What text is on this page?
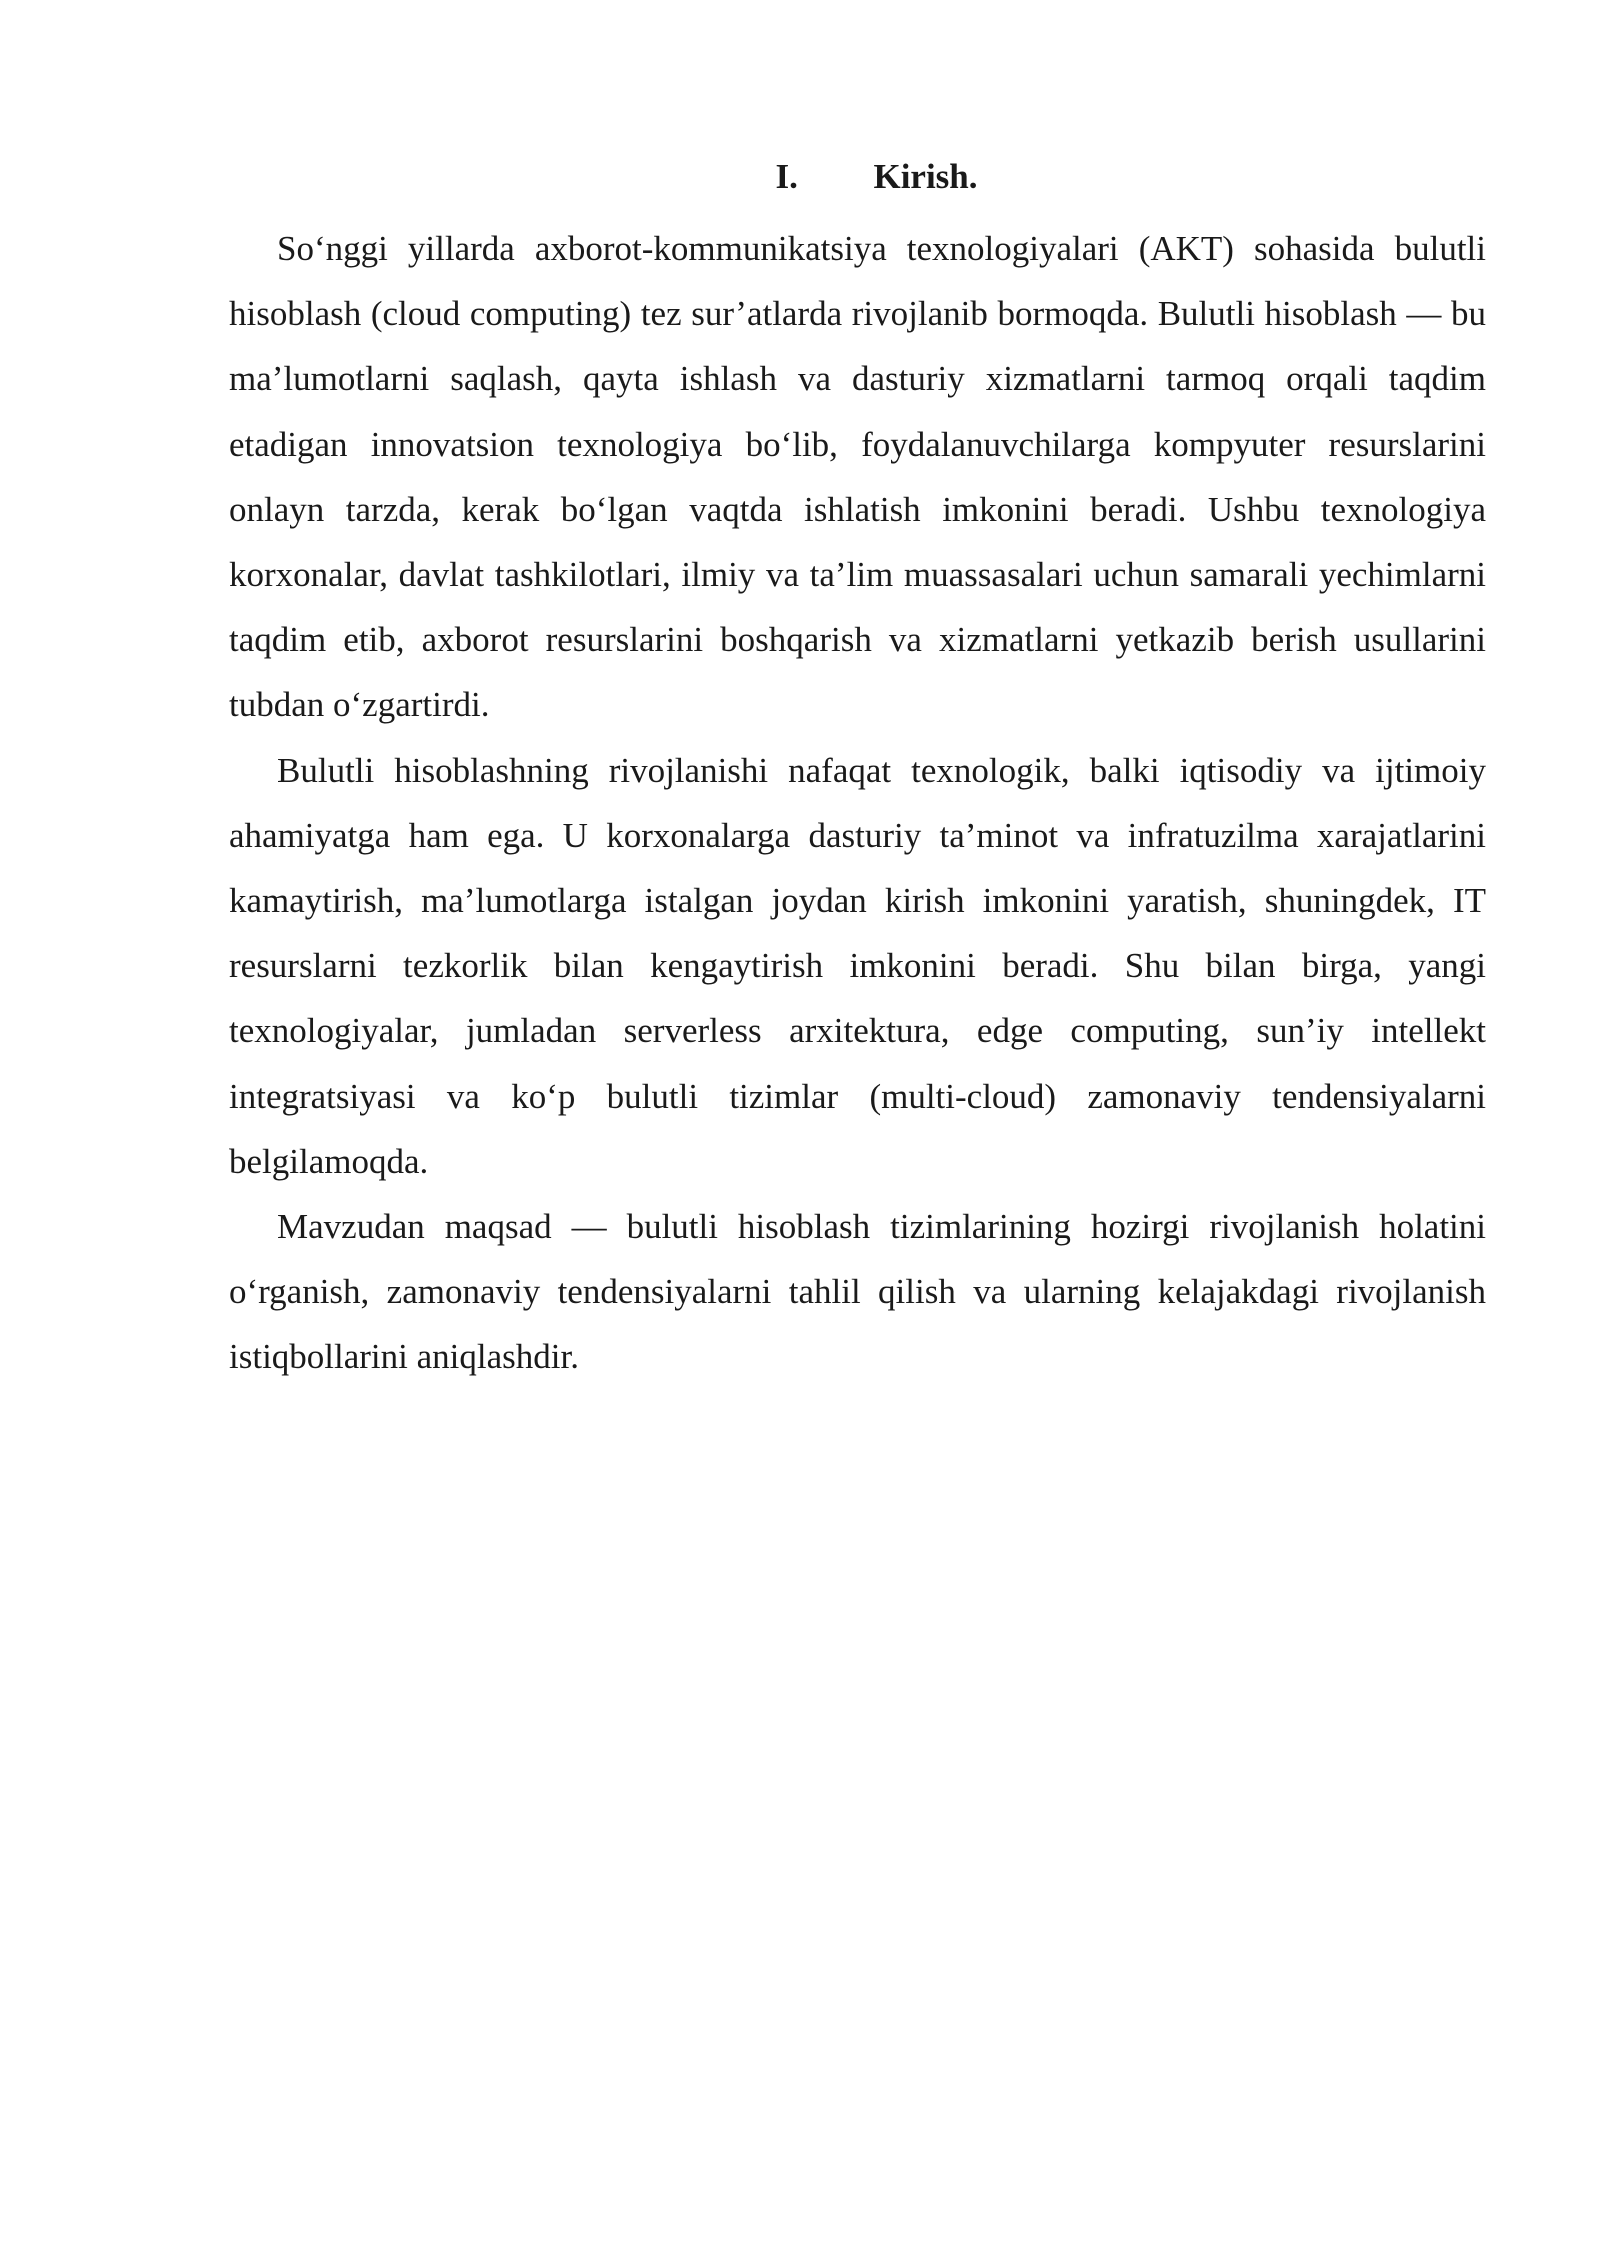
I.	Kirish.

So‘nggi yillarda axborot-kommunikatsiya texnologiyalari (AKT) sohasida bulutli hisoblash (cloud computing) tez sur’atlarda rivojlanib bormoqda. Bulutli hisoblash — bu ma’lumotlarni saqlash, qayta ishlash va dasturiy xizmatlarni tarmoq orqali taqdim etadigan innovatsion texnologiya bo‘lib, foydalanuvchilarga kompyuter resurslarini onlayn tarzda, kerak bo‘lgan vaqtda ishlatish imkonini beradi. Ushbu texnologiya korxonalar, davlat tashkilotlari, ilmiy va ta’lim muassasalari uchun samarali yechimlarni taqdim etib, axborot resurslarini boshqarish va xizmatlarni yetkazib berish usullarini tubdan o‘zgartirdi.

Bulutli hisoblashning rivojlanishi nafaqat texnologik, balki iqtisodiy va ijtimoiy ahamiyatga ham ega. U korxonalarga dasturiy ta’minot va infratuzilma xarajatlarini kamaytirish, ma’lumotlarga istalgan joydan kirish imkonini yaratish, shuningdek, IT resurslarni tezkorlik bilan kengaytirish imkonini beradi. Shu bilan birga, yangi texnologiyalar, jumladan serverless arxitektura, edge computing, sun’iy intellekt integratsiyasi va ko‘p bulutli tizimlar (multi-cloud) zamonaviy tendensiyalarni belgilamoqda.

Mavzudan maqsad — bulutli hisoblash tizimlarining hozirgi rivojlanish holatini o‘rganish, zamonaviy tendensiyalarni tahlil qilish va ularning kelajakdagi rivojlanish istiqbollarini aniqlashdir.
